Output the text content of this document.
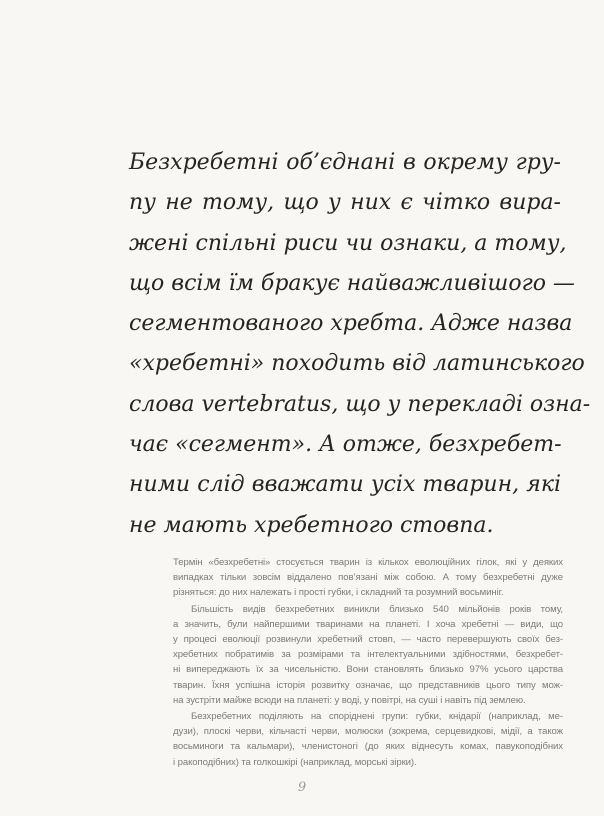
Безхребетні об’єднані в окрему гру-
пу не тому, що у них є чітко вира-
жені спільні риси чи ознаки, а тому,
що всім їм бракує найважливішого —
сегментованого хребта. Адже назва
«хребетні» походить від латинського
слова vertebratus, що у перекладі озна-
чає «сегмент». А отже, безхребет-
ними слід вважати усіх тварин, які
не мають хребетного стовпа.
Термін «безхребетні» стосується тварин із кількох еволюційних гілок, які у деяких
випадках тільки зовсім віддалено пов’язані між собою. А тому безхребетні дуже
різняться: до них належать і прості губки, і складний та розумний восьминіг.
Більшість видів безхребетних виникли близько 540 мільйонів років тому,
а значить, були найпершими тваринами на планеті. І хоча хребетні — види, що
у процесі еволюції розвинули хребетний стовп, — часто перевершують своїх без-
хребетних побратимів за розмірами та інтелектуальними здібностями, безхребет-
ні випереджають їх за чисельністю. Вони становлять близько 97% усього царства
тварин. Їхня успішна історія розвитку означає, що представників цього типу мож-
на зустріти майже всюди на планеті: у воді, у повітрі, на суші і навіть під землею.
Безхребетних поділяють на споріднені групи: губки, кнідарії (наприклад, ме-
дузи), плоскі черви, кільчасті черви, молюски (зокрема, серцевидкові, мідії, а також
восьминоги та кальмари), членистоногі (до яких віднесуть комах, павукоподібних
і ракоподібних) та голкошкірі (наприклад, морські зірки).
9
